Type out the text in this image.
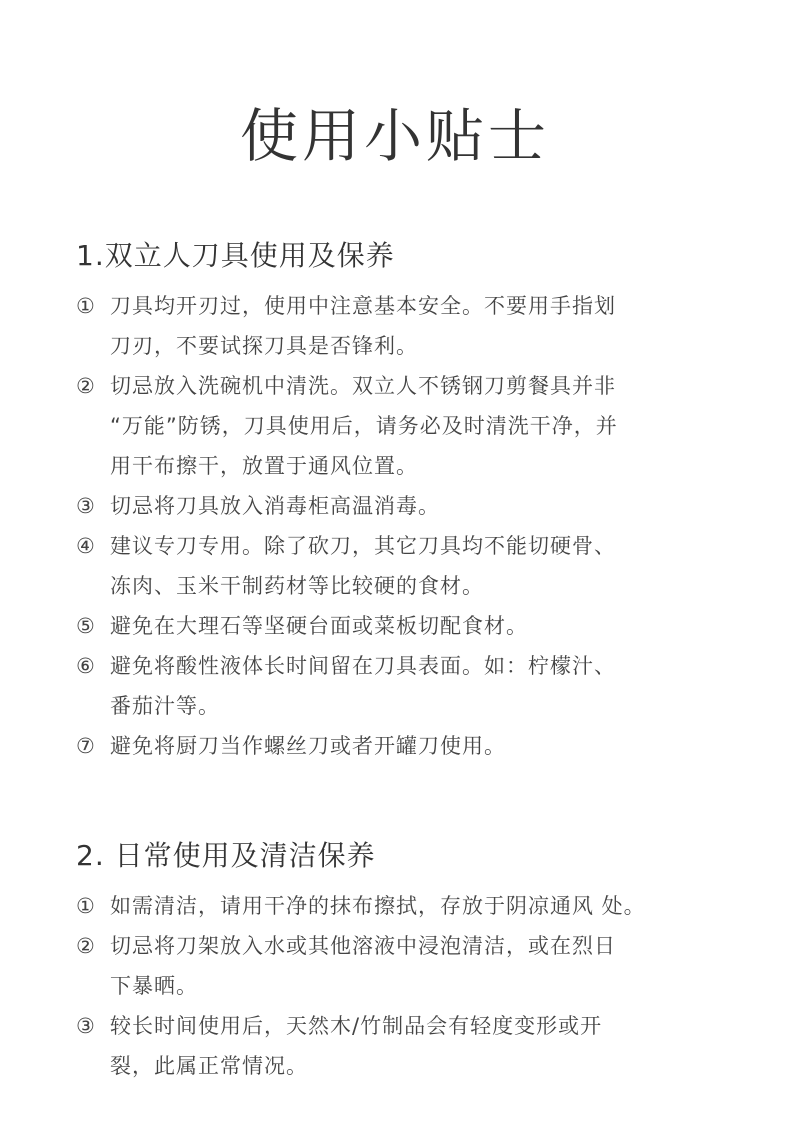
使用小贴士
1.双立人刀具使用及保养
① 刀具均开刃过，使用中注意基本安全。不要用手指划
刀刃，不要试探刀具是否锋利。
② 切忌放入洗碗机中清洗。双立人不锈钢刀剪餐具并非
“万能”防锈，刀具使用后，请务必及时清洗干净，并
用干布擦干，放置于通风位置。
③ 切忌将刀具放入消毒柜高温消毒。
④ 建议专刀专用。除了砍刀，其它刀具均不能切硬骨、
冻肉、玉米干制药材等比较硬的食材。
⑤ 避免在大理石等坚硬台面或菜板切配食材。
⑥ 避免将酸性液体长时间留在刀具表面。如：柠檬汁、
番茄汁等。
⑦ 避免将厨刀当作螺丝刀或者开罐刀使用。
2. 日常使用及清洁保养
① 如需清洁，请用干净的抹布擦拭，存放于阴凉通风 处。
② 切忌将刀架放入水或其他溶液中浸泡清洁，或在烈日
下暴晒。
③ 较长时间使用后，天然木/竹制品会有轻度变形或开
裂，此属正常情况。
